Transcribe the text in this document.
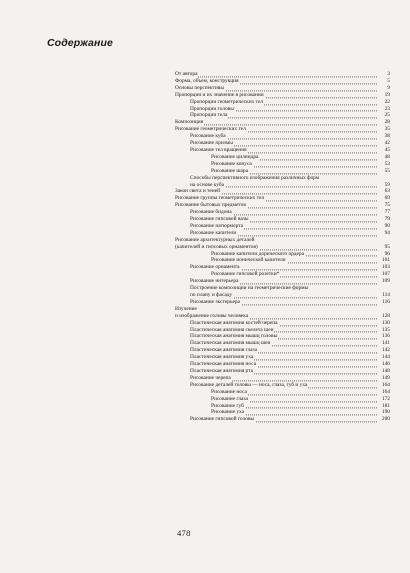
Содержание
От автора	3
Форма, объем, конструкция	5
Основы перспективы	9
Пропорции и их значение в рисовании	19
Пропорции геометрических тел	22
Пропорции головы	23
Пропорции тела	25
Композиция	28
Рисование геометрических тел	35
Рисование куба	38
Рисование призмы	42
Рисование тел вращения	45
Рисование цилиндра	48
Рисование конуса	53
Рисование шара	55
Способы перспективного изображения различных форм
на основе куба	59
Закон света и теней	63
Рисование группы геометрических тел	69
Рисование бытовых предметов	75
Рисование бидона	77
Рисование гипсовой вазы	79
Рисование натюрморта	90
Рисование капители	94
Рисование архитектурных деталей
(капителей и гипсовых орнаментов)	95
Рисование капители дорического ордера	96
Рисование ионической капители	101
Рисование орнамента	103
Рисование гипсовой розетки*	107
Рисование интерьера	109
Построение композиции на геометрические формы
по плану и фасаду	114
Рисование экстерьера	116
Изучение
и изображение головы человека	128
Пластическая анатомия костей черепа	130
Пластическая анатомия скелета шеи	135
Пластическая анатомия мышц головы	136
Пластическая анатомия мышц шеи	141
Пластическая анатомия глаза	142
Пластическая анатомия уха	144
Пластическая анатомия носа	146
Пластическая анатомия рта	148
Рисование черепа	149
Рисование деталей головы — носа, глаза, губ и уха	164
Рисование носа	164
Рисование глаза	172
Рисование губ	181
Рисование уха	190
Рисование гипсовой головы	200
478
